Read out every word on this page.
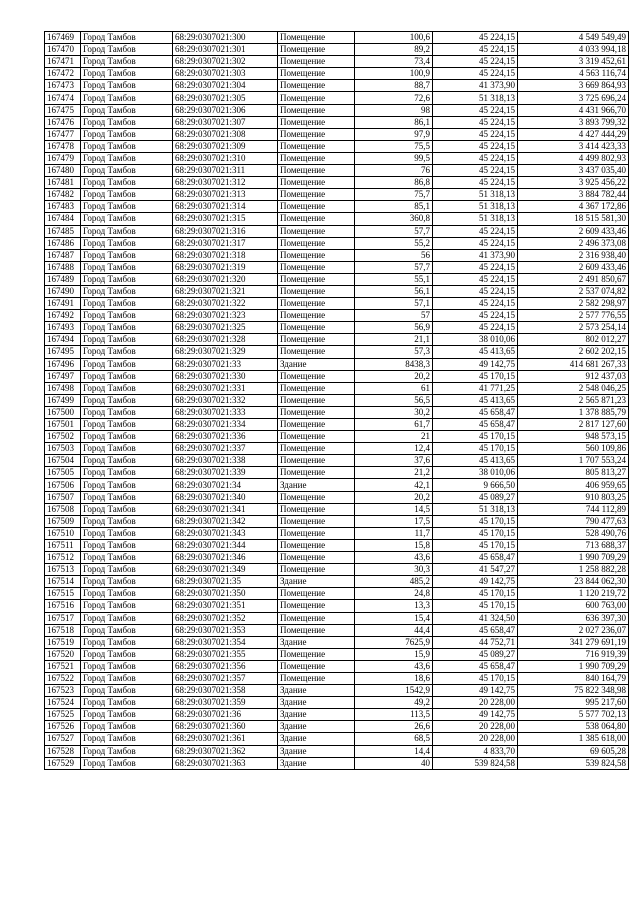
167469	Город Тамбов	68:29:0307021:300	Помещение	100,6	45 224,15	4 549 549,49
167470	Город Тамбов	68:29:0307021:301	Помещение	89,2	45 224,15	4 033 994,18
167471	Город Тамбов	68:29:0307021:302	Помещение	73,4	45 224,15	3 319 452,61
167472	Город Тамбов	68:29:0307021:303	Помещение	100,9	45 224,15	4 563 116,74
167473	Город Тамбов	68:29:0307021:304	Помещение	88,7	41 373,90	3 669 864,93
167474	Город Тамбов	68:29:0307021:305	Помещение	72,6	51 318,13	3 725 696,24
167475	Город Тамбов	68:29:0307021:306	Помещение	98	45 224,15	4 431 966,70
167476	Город Тамбов	68:29:0307021:307	Помещение	86,1	45 224,15	3 893 799,32
167477	Город Тамбов	68:29:0307021:308	Помещение	97,9	45 224,15	4 427 444,29
167478	Город Тамбов	68:29:0307021:309	Помещение	75,5	45 224,15	3 414 423,33
167479	Город Тамбов	68:29:0307021:310	Помещение	99,5	45 224,15	4 499 802,93
167480	Город Тамбов	68:29:0307021:311	Помещение	76	45 224,15	3 437 035,40
167481	Город Тамбов	68:29:0307021:312	Помещение	86,8	45 224,15	3 925 456,22
167482	Город Тамбов	68:29:0307021:313	Помещение	75,7	51 318,13	3 884 782,44
167483	Город Тамбов	68:29:0307021:314	Помещение	85,1	51 318,13	4 367 172,86
167484	Город Тамбов	68:29:0307021:315	Помещение	360,8	51 318,13	18 515 581,30
167485	Город Тамбов	68:29:0307021:316	Помещение	57,7	45 224,15	2 609 433,46
167486	Город Тамбов	68:29:0307021:317	Помещение	55,2	45 224,15	2 496 373,08
167487	Город Тамбов	68:29:0307021:318	Помещение	56	41 373,90	2 316 938,40
167488	Город Тамбов	68:29:0307021:319	Помещение	57,7	45 224,15	2 609 433,46
167489	Город Тамбов	68:29:0307021:320	Помещение	55,1	45 224,15	2 491 850,67
167490	Город Тамбов	68:29:0307021:321	Помещение	56,1	45 224,15	2 537 074,82
167491	Город Тамбов	68:29:0307021:322	Помещение	57,1	45 224,15	2 582 298,97
167492	Город Тамбов	68:29:0307021:323	Помещение	57	45 224,15	2 577 776,55
167493	Город Тамбов	68:29:0307021:325	Помещение	56,9	45 224,15	2 573 254,14
167494	Город Тамбов	68:29:0307021:328	Помещение	21,1	38 010,06	802 012,27
167495	Город Тамбов	68:29:0307021:329	Помещение	57,3	45 413,65	2 602 202,15
167496	Город Тамбов	68:29:0307021:33	Здание	8438,3	49 142,75	414 681 267,33
167497	Город Тамбов	68:29:0307021:330	Помещение	20,2	45 170,15	912 437,03
167498	Город Тамбов	68:29:0307021:331	Помещение	61	41 771,25	2 548 046,25
167499	Город Тамбов	68:29:0307021:332	Помещение	56,5	45 413,65	2 565 871,23
167500	Город Тамбов	68:29:0307021:333	Помещение	30,2	45 658,47	1 378 885,79
167501	Город Тамбов	68:29:0307021:334	Помещение	61,7	45 658,47	2 817 127,60
167502	Город Тамбов	68:29:0307021:336	Помещение	21	45 170,15	948 573,15
167503	Город Тамбов	68:29:0307021:337	Помещение	12,4	45 170,15	560 109,86
167504	Город Тамбов	68:29:0307021:338	Помещение	37,6	45 413,65	1 707 553,24
167505	Город Тамбов	68:29:0307021:339	Помещение	21,2	38 010,06	805 813,27
167506	Город Тамбов	68:29:0307021:34	Здание	42,1	9 666,50	406 959,65
167507	Город Тамбов	68:29:0307021:340	Помещение	20,2	45 089,27	910 803,25
167508	Город Тамбов	68:29:0307021:341	Помещение	14,5	51 318,13	744 112,89
167509	Город Тамбов	68:29:0307021:342	Помещение	17,5	45 170,15	790 477,63
167510	Город Тамбов	68:29:0307021:343	Помещение	11,7	45 170,15	528 490,76
167511	Город Тамбов	68:29:0307021:344	Помещение	15,8	45 170,15	713 688,37
167512	Город Тамбов	68:29:0307021:346	Помещение	43,6	45 658,47	1 990 709,29
167513	Город Тамбов	68:29:0307021:349	Помещение	30,3	41 547,27	1 258 882,28
167514	Город Тамбов	68:29:0307021:35	Здание	485,2	49 142,75	23 844 062,30
167515	Город Тамбов	68:29:0307021:350	Помещение	24,8	45 170,15	1 120 219,72
167516	Город Тамбов	68:29:0307021:351	Помещение	13,3	45 170,15	600 763,00
167517	Город Тамбов	68:29:0307021:352	Помещение	15,4	41 324,50	636 397,30
167518	Город Тамбов	68:29:0307021:353	Помещение	44,4	45 658,47	2 027 236,07
167519	Город Тамбов	68:29:0307021:354	Здание	7625,9	44 752,71	341 279 691,19
167520	Город Тамбов	68:29:0307021:355	Помещение	15,9	45 089,27	716 919,39
167521	Город Тамбов	68:29:0307021:356	Помещение	43,6	45 658,47	1 990 709,29
167522	Город Тамбов	68:29:0307021:357	Помещение	18,6	45 170,15	840 164,79
167523	Город Тамбов	68:29:0307021:358	Здание	1542,9	49 142,75	75 822 348,98
167524	Город Тамбов	68:29:0307021:359	Здание	49,2	20 228,00	995 217,60
167525	Город Тамбов	68:29:0307021:36	Здание	113,5	49 142,75	5 577 702,13
167526	Город Тамбов	68:29:0307021:360	Здание	26,6	20 228,00	538 064,80
167527	Город Тамбов	68:29:0307021:361	Здание	68,5	20 228,00	1 385 618,00
167528	Город Тамбов	68:29:0307021:362	Здание	14,4	4 833,70	69 605,28
167529	Город Тамбов	68:29:0307021:363	Здание	40	539 824,58	539 824,58
